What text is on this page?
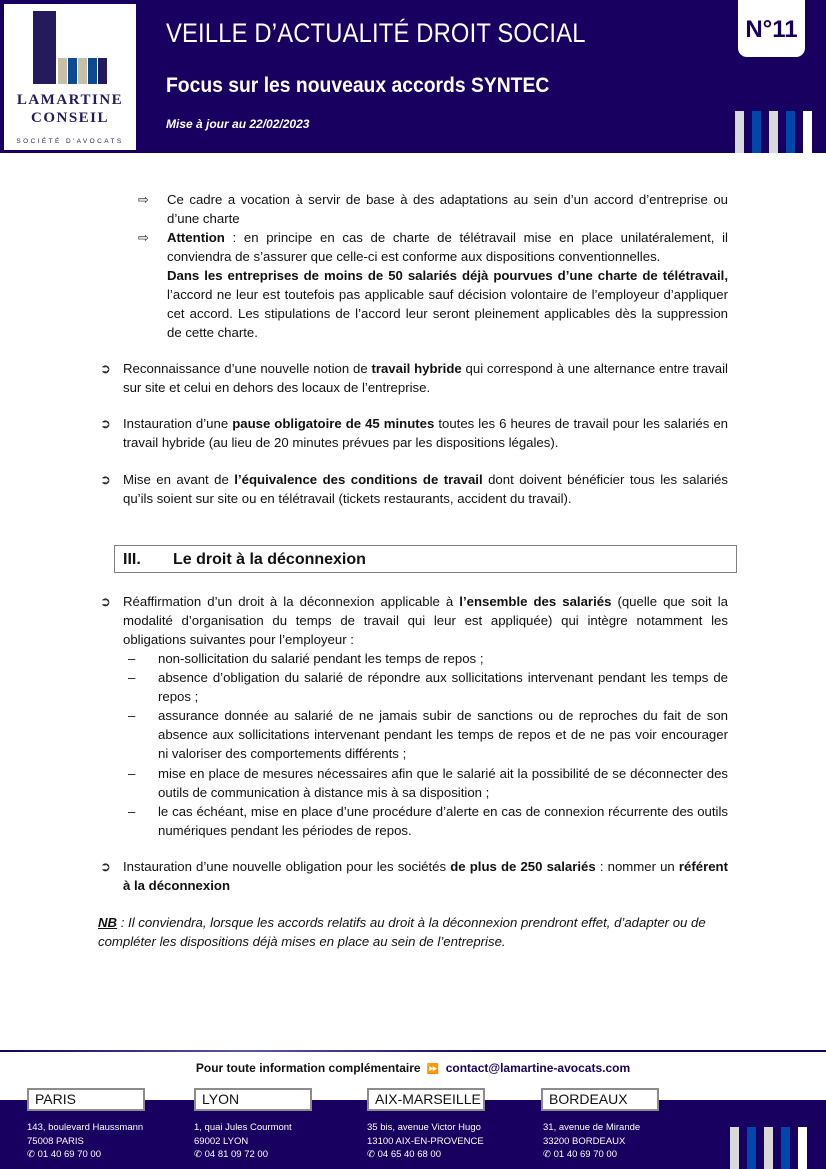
LAMARTINE
CONSEIL
SOCIÉTÉ D'AVOCATS
VEILLE D’ACTUALITÉ DROIT SOCIAL
Focus sur les nouveaux accords SYNTEC
Mise à jour au 22/02/2023
N°11
⇨ Ce cadre a vocation à servir de base à des adaptations au sein d’un accord d’entreprise ou d’une charte
⇨ Attention : en principe en cas de charte de télétravail mise en place unilatéralement, il conviendra de s’assurer que celle-ci est conforme aux dispositions conventionnelles.
Dans les entreprises de moins de 50 salariés déjà pourvues d’une charte de télétravail, l’accord ne leur est toutefois pas applicable sauf décision volontaire de l’employeur d’appliquer cet accord. Les stipulations de l’accord leur seront pleinement applicables dès la suppression de cette charte.
➲ Reconnaissance d’une nouvelle notion de travail hybride qui correspond à une alternance entre travail sur site et celui en dehors des locaux de l’entreprise.
➲ Instauration d’une pause obligatoire de 45 minutes toutes les 6 heures de travail pour les salariés en travail hybride (au lieu de 20 minutes prévues par les dispositions légales).
➲ Mise en avant de l’équivalence des conditions de travail dont doivent bénéficier tous les salariés qu’ils soient sur site ou en télétravail (tickets restaurants, accident du travail).
III. Le droit à la déconnexion
➲ Réaffirmation d’un droit à la déconnexion applicable à l’ensemble des salariés (quelle que soit la modalité d’organisation du temps de travail qui leur est appliquée) qui intègre notamment les obligations suivantes pour l’employeur :
– non-sollicitation du salarié pendant les temps de repos ;
– absence d’obligation du salarié de répondre aux sollicitations intervenant pendant les temps de repos ;
– assurance donnée au salarié de ne jamais subir de sanctions ou de reproches du fait de son absence aux sollicitations intervenant pendant les temps de repos et de ne pas voir encourager ni valoriser des comportements différents ;
– mise en place de mesures nécessaires afin que le salarié ait la possibilité de se déconnecter des outils de communication à distance mis à sa disposition ;
– le cas échéant, mise en place d’une procédure d’alerte en cas de connexion récurrente des outils numériques pendant les périodes de repos.
➲ Instauration d’une nouvelle obligation pour les sociétés de plus de 250 salariés : nommer un référent à la déconnexion
NB : Il conviendra, lorsque les accords relatifs au droit à la déconnexion prendront effet, d’adapter ou de compléter les dispositions déjà mises en place au sein de l’entreprise.
Pour toute information complémentaire ⏩ contact@lamartine-avocats.com
PARIS
143, boulevard Haussmann
75008 PARIS
✆ 01 40 69 70 00
LYON
1, quai Jules Courmont
69002 LYON
✆ 04 81 09 72 00
AIX-MARSEILLE
35 bis, avenue Victor Hugo
13100 AIX-EN-PROVENCE
✆ 04 65 40 68 00
BORDEAUX
31, avenue de Mirande
33200 BORDEAUX
✆ 01 40 69 70 00
